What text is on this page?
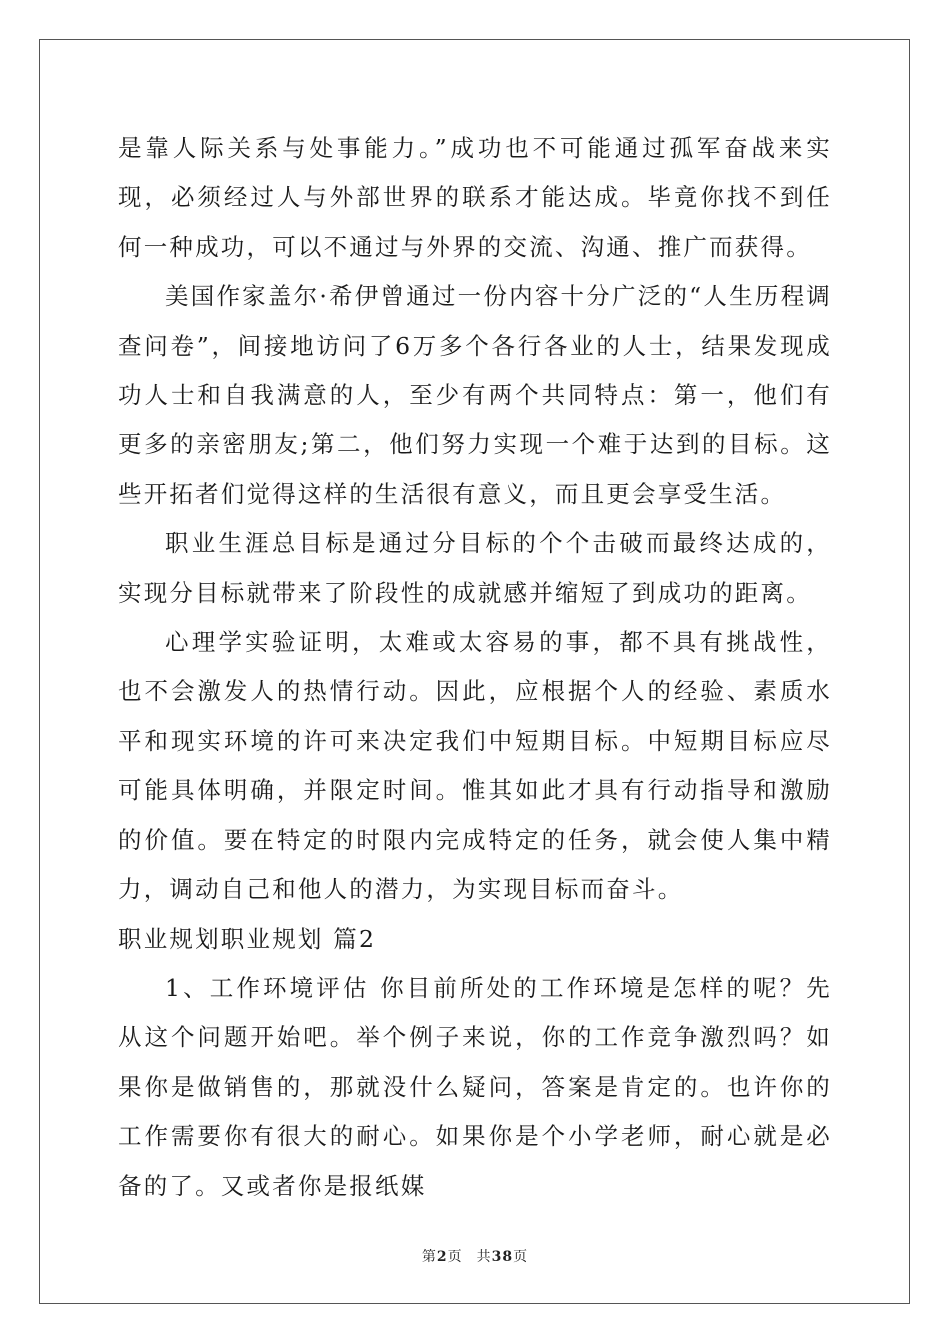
是靠人际关系与处事能力。”成功也不可能通过孤军奋战来实现，必须经过人与外部世界的联系才能达成。毕竟你找不到任何一种成功，可以不通过与外界的交流、沟通、推广而获得。

美国作家盖尔·希伊曾通过一份内容十分广泛的“人生历程调查问卷”，间接地访问了6万多个各行各业的人士，结果发现成功人士和自我满意的人，至少有两个共同特点：第一，他们有更多的亲密朋友;第二，他们努力实现一个难于达到的目标。这些开拓者们觉得这样的生活很有意义，而且更会享受生活。

职业生涯总目标是通过分目标的个个击破而最终达成的，实现分目标就带来了阶段性的成就感并缩短了到成功的距离。

心理学实验证明，太难或太容易的事，都不具有挑战性，也不会激发人的热情行动。因此，应根据个人的经验、素质水平和现实环境的许可来决定我们中短期目标。中短期目标应尽可能具体明确，并限定时间。惟其如此才具有行动指导和激励的价值。要在特定的时限内完成特定的任务，就会使人集中精力，调动自己和他人的潜力，为实现目标而奋斗。

职业规划职业规划 篇2

1、工作环境评估 你目前所处的工作环境是怎样的呢？先从这个问题开始吧。举个例子来说，你的工作竞争激烈吗？如果你是做销售的，那就没什么疑问，答案是肯定的。也许你的工作需要你有很大的耐心。如果你是个小学老师，耐心就是必备的了。又或者你是报纸媒

第2页 共38页
